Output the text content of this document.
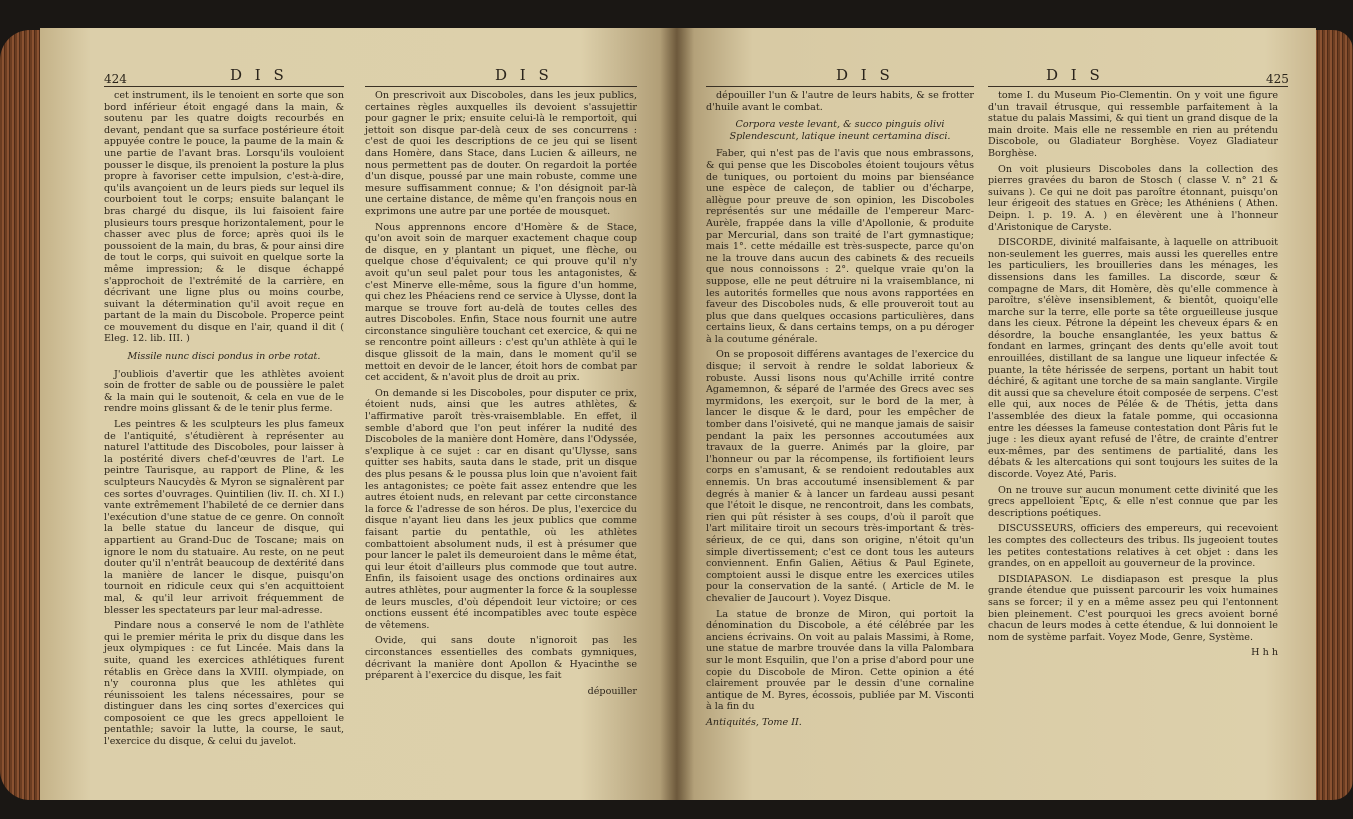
424	D I S	D I S

cet instrument, ils le tenoient en sorte que son bord inférieur étoit engagé dans la main, & soutenu par les quatre doigts recourbés en devant, pendant que sa surface postérieure étoit appuyée contre le pouce, la paume de la main & une partie de l'avant bras. Lorsqu'ils vouloient pousser le disque, ils prenoient la posture la plus propre à favoriser cette impulsion, c'est-à-dire, qu'ils avançoient un de leurs pieds sur lequel ils courboient tout le corps; ensuite balançant le bras chargé du disque, ils lui faisoient faire plusieurs tours presque horizontalement, pour le chasser avec plus de force; après quoi ils le poussoient de la main, du bras, & pour ainsi dire de tout le corps, qui suivoit en quelque sorte la même impression; & le disque échappé s'approchoit de l'extrémité de la carrière, en décrivant une ligne plus ou moins courbe, suivant la détermination qu'il avoit reçue en partant de la main du Discobole. Properce peint ce mouvement du disque en l'air, quand il dit ( Eleg. 12. lib. III. )

Missile nunc disci pondus in orbe rotat.

J'oubliois d'avertir que les athlètes avoient soin de frotter de sable ou de poussière le palet & la main qui le soutenoit, & cela en vue de le rendre moins glissant & de le tenir plus ferme.

Les peintres & les sculpteurs les plus fameux de l'antiquité, s'étudièrent à représenter au naturel l'attitude des Discoboles, pour laisser à la postérité divers chef-d'œuvres de l'art. Le peintre Taurisque, au rapport de Pline, & les sculpteurs Naucydès & Myron se signalèrent par ces sortes d'ouvrages. Quintilien (liv. II. ch. XI I.) vante extrêmement l'habileté de ce dernier dans l'exécution d'une statue de ce genre. On connoît la belle statue du lanceur de disque, qui appartient au Grand-Duc de Toscane; mais on ignore le nom du statuaire. Au reste, on ne peut douter qu'il n'entrât beaucoup de dextérité dans la manière de lancer le disque, puisqu'on tournoit en ridicule ceux qui s'en acquittoient mal, & qu'il leur arrivoit fréquemment de blesser les spectateurs par leur mal-adresse.

Pindare nous a conservé le nom de l'athlète qui le premier mérita le prix du disque dans les jeux olympiques : ce fut Lincée. Mais dans la suite, quand les exercices athlétiques furent rétablis en Grèce dans la XVIII. olympiade, on n'y couronna plus que les athlètes qui réunissoient les talens nécessaires, pour se distinguer dans les cinq sortes d'exercices qui composoient ce que les grecs appelloient le pentathle; savoir la lutte, la course, le saut, l'exercice du disque, & celui du javelot.

On prescrivoit aux Discoboles, dans les jeux publics, certaines règles auxquelles ils devoient s'assujettir pour gagner le prix; ensuite celui-là le remportoit, qui jettoit son disque par-delà ceux de ses concurrens : c'est de quoi les descriptions de ce jeu qui se lisent dans Homère, dans Stace, dans Lucien & ailleurs, ne nous permettent pas de douter. On regardoit la portée d'un disque, poussé par une main robuste, comme une mesure suffisamment connue; & l'on désignoit par-là une certaine distance, de même qu'en françois nous en exprimons une autre par une portée de mousquet.

Nous apprennons encore d'Homère & de Stace, qu'on avoit soin de marquer exactement chaque coup de disque, en y plantant un piquet, une flèche, ou quelque chose d'équivalent; ce qui prouve qu'il n'y avoit qu'un seul palet pour tous les antagonistes, & c'est Minerve elle-même, sous la figure d'un homme, qui chez les Phéaciens rend ce service à Ulysse, dont la marque se trouve fort au-delà de toutes celles des autres Discoboles. Enfin, Stace nous fournit une autre circonstance singulière touchant cet exercice, & qui ne se rencontre point ailleurs : c'est qu'un athlète à qui le disque glissoit de la main, dans le moment qu'il se mettoit en devoir de le lancer, étoit hors de combat par cet accident, & n'avoit plus de droit au prix.

On demande si les Discoboles, pour disputer ce prix, étoient nuds, ainsi que les autres athlètes, & l'affirmative paroît très-vraisemblable. En effet, il semble d'abord que l'on peut inférer la nudité des Discoboles de la manière dont Homère, dans l'Odyssée, s'explique à ce sujet : car en disant qu'Ulysse, sans quitter ses habits, sauta dans le stade, prit un disque des plus pesans & le poussa plus loin que n'avoient fait les antagonistes; ce poète fait assez entendre que les autres étoient nuds, en relevant par cette circonstance la force & l'adresse de son héros. De plus, l'exercice du disque n'ayant lieu dans les jeux publics que comme faisant partie du pentathle, où les athlètes combattoient absolument nuds, il est à présumer que pour lancer le palet ils demeuroient dans le même état, qui leur étoit d'ailleurs plus commode que tout autre. Enfin, ils faisoient usage des onctions ordinaires aux autres athlètes, pour augmenter la force & la souplesse de leurs muscles, d'où dépendoit leur victoire; or ces onctions eussent été incompatibles avec toute espèce de vêtemens.

Ovide, qui sans doute n'ignoroit pas les circonstances essentielles des combats gymniques, décrivant la manière dont Apollon & Hyacinthe se préparent à l'exercice du disque, les fait

dépouiller

D I S	D I S	425

dépouiller l'un & l'autre de leurs habits, & se frotter d'huile avant le combat.

Corpora veste levant, & succo pinguis olivi Splendescunt, latique ineunt certamina disci.

Faber, qui n'est pas de l'avis que nous embrassons, & qui pense que les Discoboles étoient toujours vêtus de tuniques, ou portoient du moins par bienséance une espèce de caleçon, de tablier ou d'écharpe, allègue pour preuve de son opinion, les Discoboles représentés sur une médaille de l'empereur Marc-Aurèle, frappée dans la ville d'Apollonie, & produite par Mercurial, dans son traité de l'art gymnastique; mais 1°. cette médaille est très-suspecte, parce qu'on ne la trouve dans aucun des cabinets & des recueils que nous connoissons : 2°. quelque vraie qu'on la suppose, elle ne peut détruire ni la vraisemblance, ni les autorités formelles que nous avons rapportées en faveur des Discoboles nuds, & elle prouveroit tout au plus que dans quelques occasions particulières, dans certains lieux, & dans certains temps, on a pu déroger à la coutume générale.

On se proposoit différens avantages de l'exercice du disque; il servoit à rendre le soldat laborieux & robuste. Aussi lisons nous qu'Achille irrité contre Agamemnon, & séparé de l'armée des Grecs avec ses myrmidons, les exerçoit, sur le bord de la mer, à lancer le disque & le dard, pour les empêcher de tomber dans l'oisiveté, qui ne manque jamais de saisir pendant la paix les personnes accoutumées aux travaux de la guerre. Animés par la gloire, par l'honneur ou par la récompense, ils fortifioient leurs corps en s'amusant, & se rendoient redoutables aux ennemis. Un bras accoutumé insensiblement & par degrés à manier & à lancer un fardeau aussi pesant que l'étoit le disque, ne rencontroit, dans les combats, rien qui pût résister à ses coups, d'où il paroît que l'art militaire tiroit un secours très-important & très-sérieux, de ce qui, dans son origine, n'étoit qu'un simple divertissement; c'est ce dont tous les auteurs conviennent. Enfin Galien, Aëtius & Paul Eginete, comptoient aussi le disque entre les exercices utiles pour la conservation de la santé. ( Article de M. le chevalier de Jaucourt ). Voyez Disque.

La statue de bronze de Miron, qui portoit la dénomination du Discobole, a été célébrée par les anciens écrivains. On voit au palais Massimi, à Rome, une statue de marbre trouvée dans la villa Palombara sur le mont Esquilin, que l'on a prise d'abord pour une copie du Discobole de Miron. Cette opinion a été clairement prouvée par le dessin d'une cornaline antique de M. Byres, écossois, publiée par M. Visconti à la fin du

Antiquités, Tome II.

tome I. du Museum Pio-Clementin. On y voit une figure d'un travail étrusque, qui ressemble parfaitement à la statue du palais Massimi, & qui tient un grand disque de la main droite. Mais elle ne ressemble en rien au prétendu Discobole, ou Gladiateur Borghèse. Voyez Gladiateur Borghèse.

On voit plusieurs Discoboles dans la collection des pierres gravées du baron de Stosch ( classe V. n° 21 & suivans ). Ce qui ne doit pas paroître étonnant, puisqu'on leur érigeoit des statues en Grèce; les Athéniens ( Athen. Deipn. l. p. 19. A. ) en élevèrent une à l'honneur d'Aristonique de Caryste.

DISCORDE, divinité malfaisante, à laquelle on attribuoit non-seulement les guerres, mais aussi les querelles entre les particuliers, les brouilleries dans les ménages, les dissensions dans les familles. La discorde, sœur & compagne de Mars, dit Homère, dès qu'elle commence à paroître, s'élève insensiblement, & bientôt, quoiqu'elle marche sur la terre, elle porte sa tête orgueilleuse jusque dans les cieux. Pétrone la dépeint les cheveux épars & en désordre, la bouche ensanglantée, les yeux battus & fondant en larmes, grinçant des dents qu'elle avoit tout enrouillées, distillant de sa langue une liqueur infectée & puante, la tête hérissée de serpens, portant un habit tout déchiré, & agitant une torche de sa main sanglante. Virgile dit aussi que sa chevelure étoit composée de serpens. C'est elle qui, aux noces de Pélée & de Thétis, jetta dans l'assemblée des dieux la fatale pomme, qui occasionna entre les déesses la fameuse contestation dont Pâris fut le juge : les dieux ayant refusé de l'être, de crainte d'entrer eux-mêmes, par des sentimens de partialité, dans les débats & les altercations qui sont toujours les suites de la discorde. Voyez Até, Paris.

On ne trouve sur aucun monument cette divinité que les grecs appelloient Ἔρις, & elle n'est connue que par les descriptions poétiques.

DISCUSSEURS, officiers des empereurs, qui recevoient les comptes des collecteurs des tribus. Ils jugeoient toutes les petites contestations relatives à cet objet : dans les grandes, on en appelloit au gouverneur de la province.

DISDIAPASON. Le disdiapason est presque la plus grande étendue que puissent parcourir les voix humaines sans se forcer; il y en a même assez peu qui l'entonnent bien pleinement. C'est pourquoi les grecs avoient borné chacun de leurs modes à cette étendue, & lui donnoient le nom de système parfait. Voyez Mode, Genre, Système.

H h h
